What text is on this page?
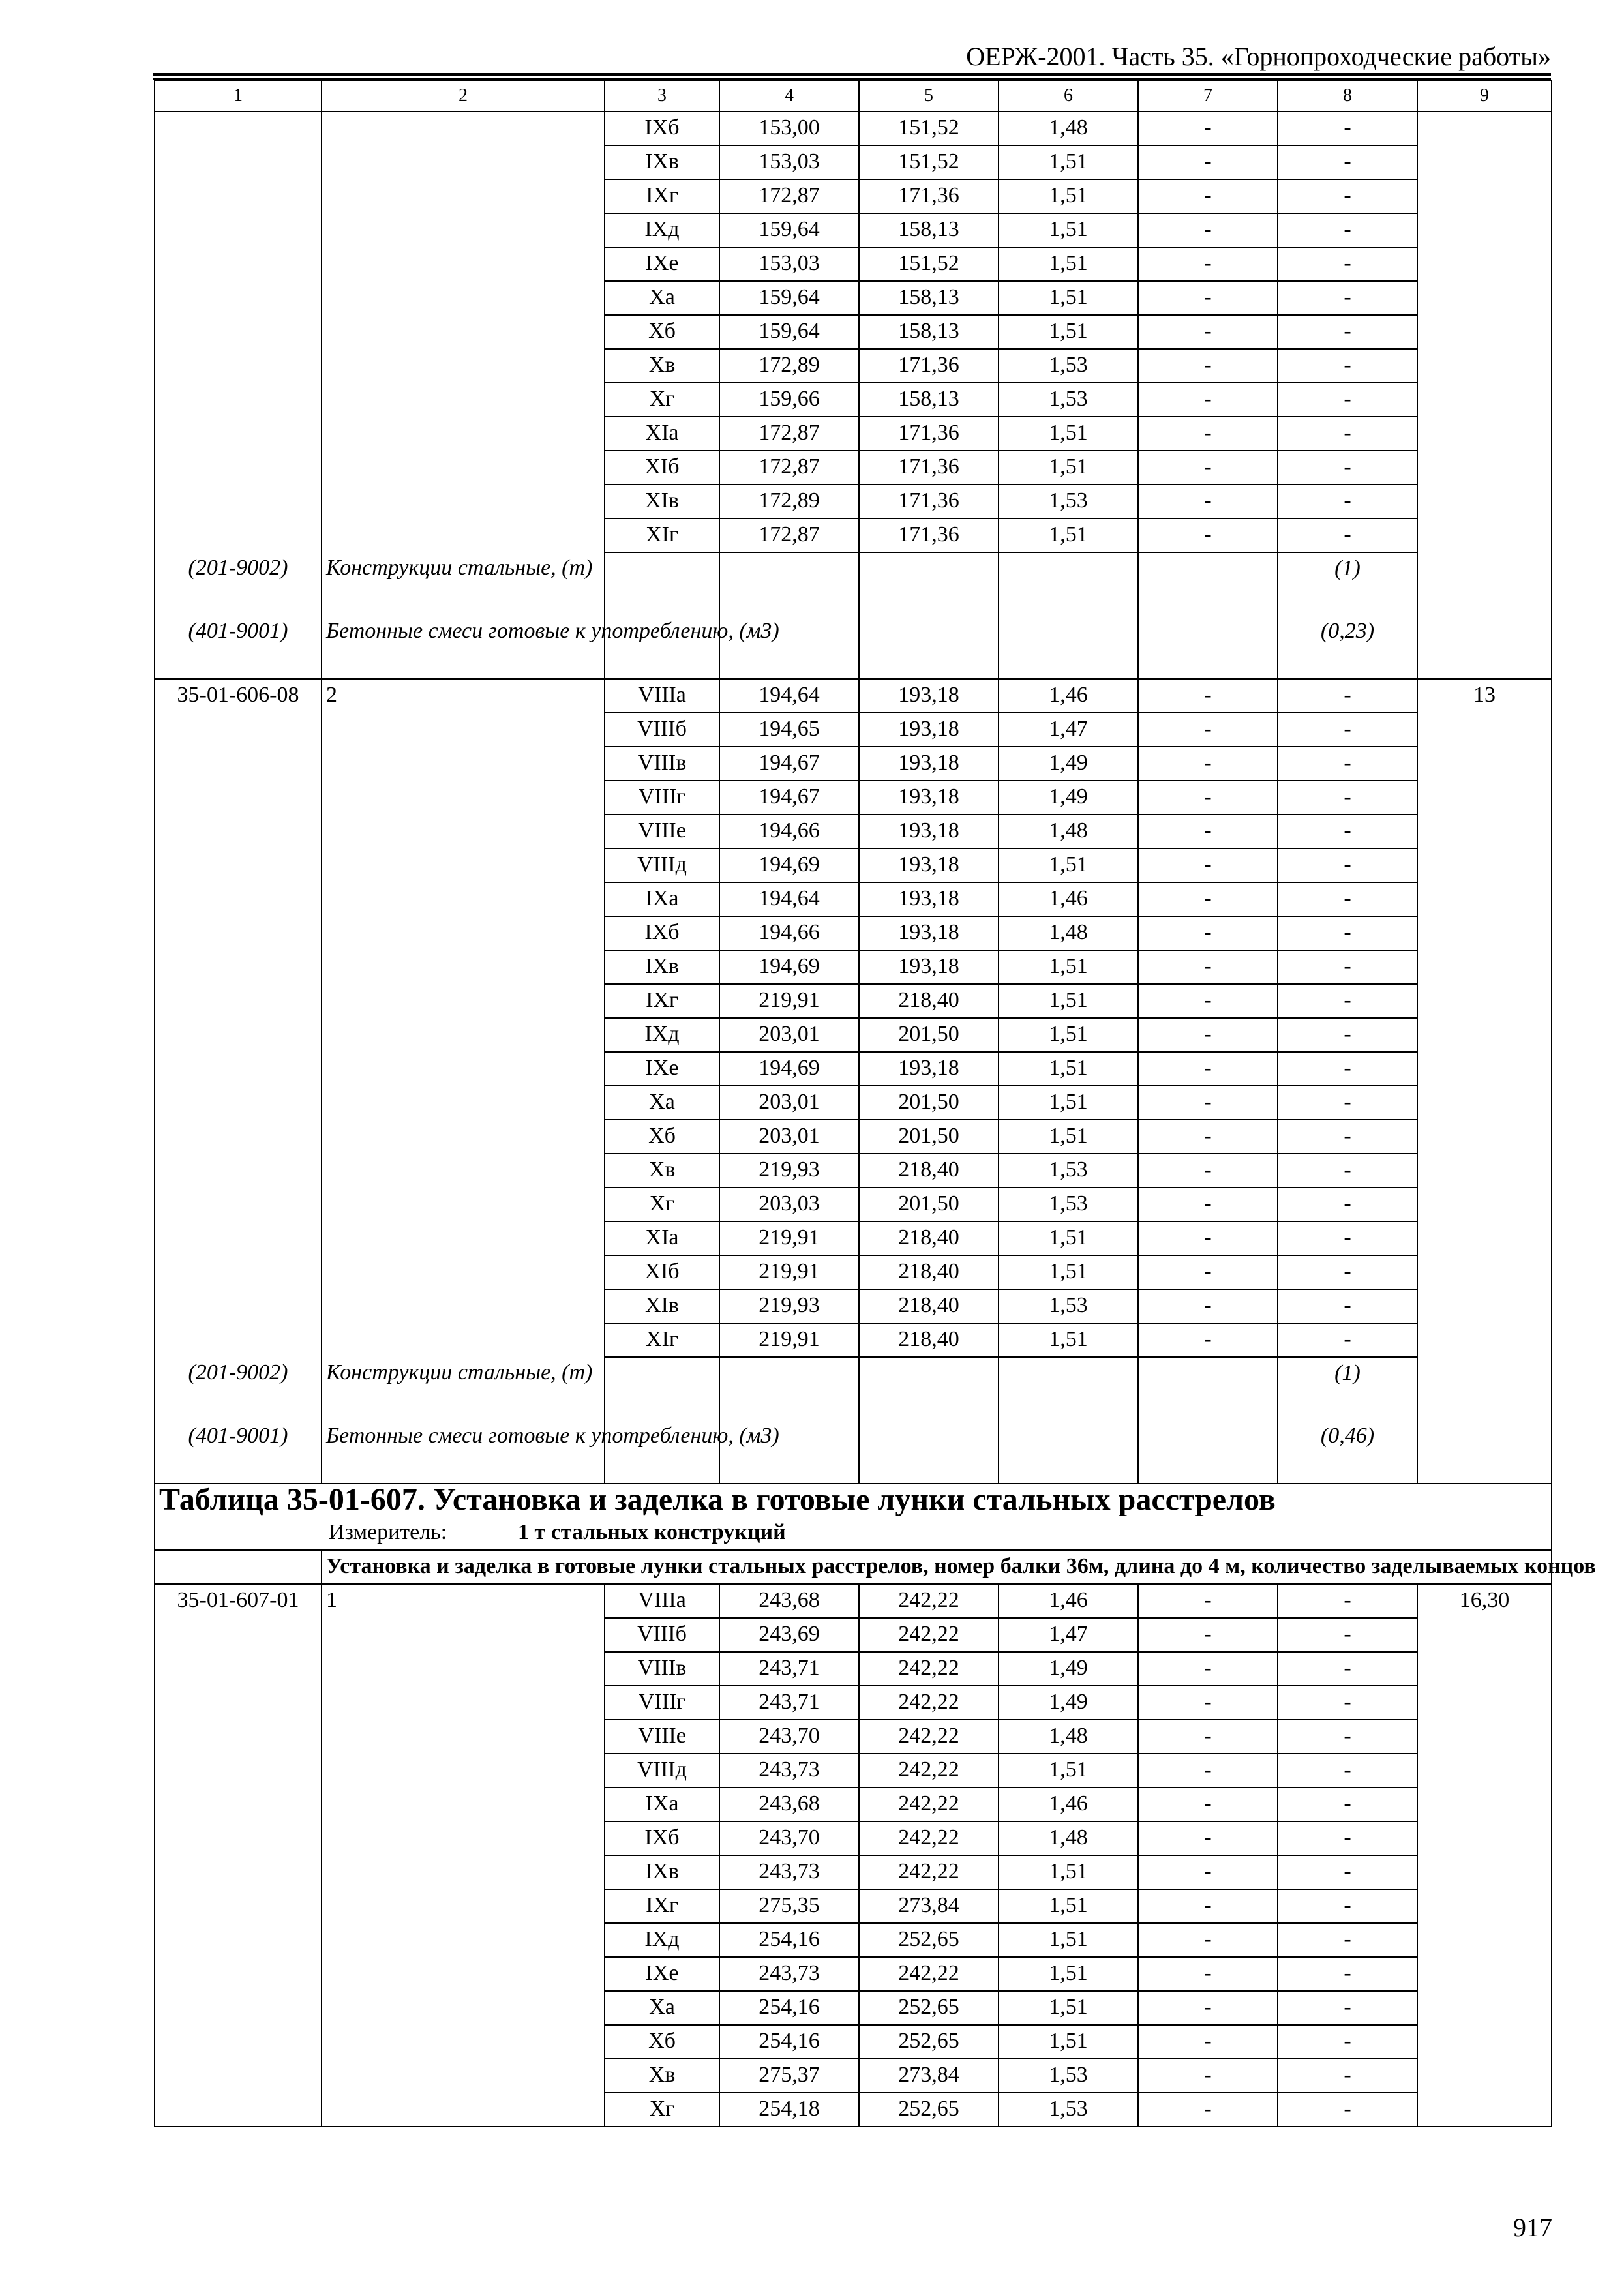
ОЕРЖ-2001. Часть 35. «Горнопроходческие работы»
1	2	3	4	5	6	7	8	9
		IXб	153,00	151,52	1,48	-	-	
		IXв	153,03	151,52	1,51	-	-	
		IXг	172,87	171,36	1,51	-	-	
		IXд	159,64	158,13	1,51	-	-	
		IXе	153,03	151,52	1,51	-	-	
		Xа	159,64	158,13	1,51	-	-	
		Xб	159,64	158,13	1,51	-	-	
		Xв	172,89	171,36	1,53	-	-	
		Xг	159,66	158,13	1,53	-	-	
		XIа	172,87	171,36	1,51	-	-	
		XIб	172,87	171,36	1,51	-	-	
		XIв	172,89	171,36	1,53	-	-	
		XIг	172,87	171,36	1,51	-	-	
(201-9002)	Конструкции стальные, (т)						(1)	
(401-9001)	Бетонные смеси готовые к употреблению, (м3)						(0,23)	
35-01-606-08	2	VIIIа	194,64	193,18	1,46	-	-	13
		VIIIб	194,65	193,18	1,47	-	-	
		VIIIв	194,67	193,18	1,49	-	-	
		VIIIг	194,67	193,18	1,49	-	-	
		VIIIе	194,66	193,18	1,48	-	-	
		VIIIд	194,69	193,18	1,51	-	-	
		IXа	194,64	193,18	1,46	-	-	
		IXб	194,66	193,18	1,48	-	-	
		IXв	194,69	193,18	1,51	-	-	
		IXг	219,91	218,40	1,51	-	-	
		IXд	203,01	201,50	1,51	-	-	
		IXе	194,69	193,18	1,51	-	-	
		Xа	203,01	201,50	1,51	-	-	
		Xб	203,01	201,50	1,51	-	-	
		Xв	219,93	218,40	1,53	-	-	
		Xг	203,03	201,50	1,53	-	-	
		XIа	219,91	218,40	1,51	-	-	
		XIб	219,91	218,40	1,51	-	-	
		XIв	219,93	218,40	1,53	-	-	
		XIг	219,91	218,40	1,51	-	-	
(201-9002)	Конструкции стальные, (т)						(1)	
(401-9001)	Бетонные смеси готовые к употреблению, (м3)						(0,46)	
Таблица 35-01-607. Установка и заделка в готовые лунки стальных расстрелов								
Измеритель: 1 т стальных конструкций								
	Установка и заделка в готовые лунки стальных расстрелов, номер балки 36м, длина до 4 м, количество заделываемых концов							
35-01-607-01	1	VIIIа	243,68	242,22	1,46	-	-	16,30
		VIIIб	243,69	242,22	1,47	-	-	
		VIIIв	243,71	242,22	1,49	-	-	
		VIIIг	243,71	242,22	1,49	-	-	
		VIIIе	243,70	242,22	1,48	-	-	
		VIIIд	243,73	242,22	1,51	-	-	
		IXа	243,68	242,22	1,46	-	-	
		IXб	243,70	242,22	1,48	-	-	
		IXв	243,73	242,22	1,51	-	-	
		IXг	275,35	273,84	1,51	-	-	
		IXд	254,16	252,65	1,51	-	-	
		IXе	243,73	242,22	1,51	-	-	
		Xа	254,16	252,65	1,51	-	-	
		Xб	254,16	252,65	1,51	-	-	
		Xв	275,37	273,84	1,53	-	-	
		Xг	254,18	252,65	1,53	-	-	
917
